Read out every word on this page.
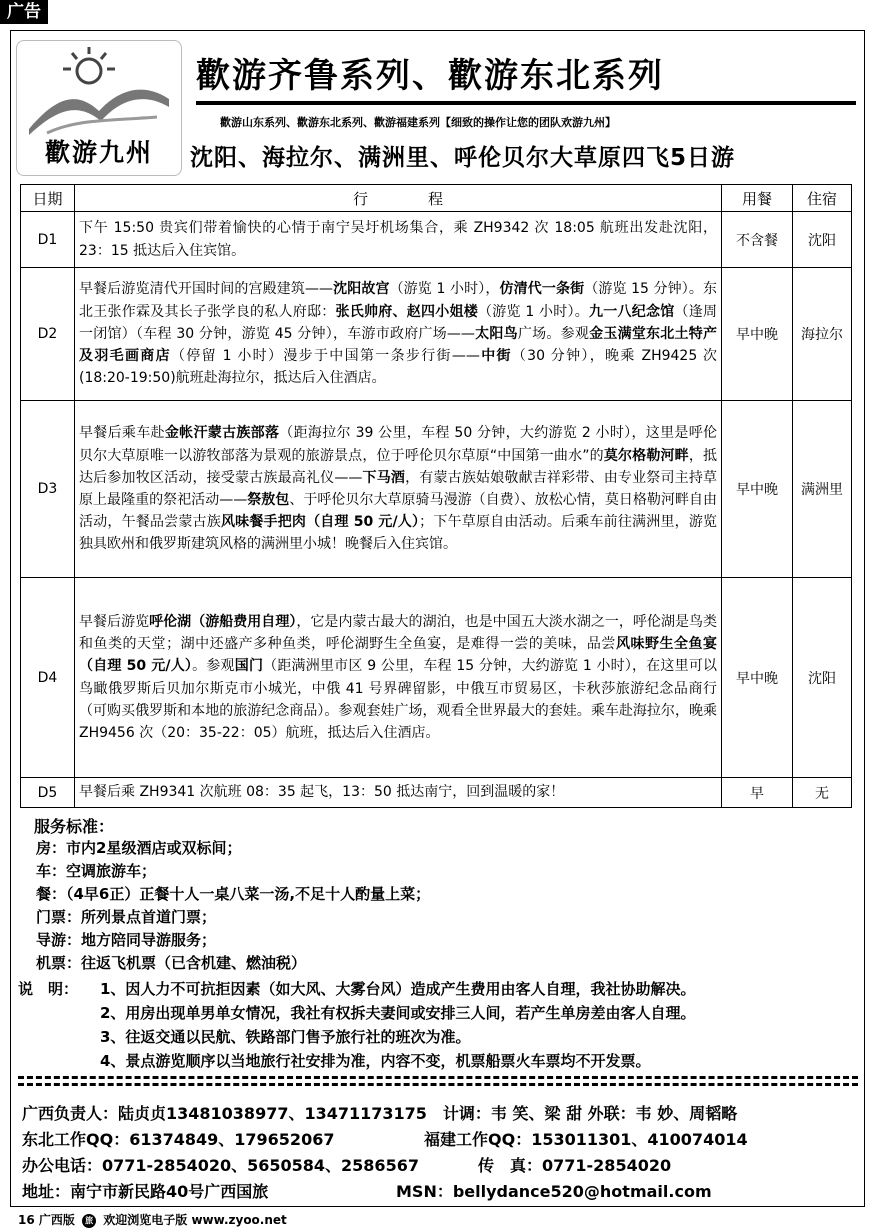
广告
歡游九州
歡游齐鲁系列、歡游东北系列
歡游山东系列、歡游东北系列、歡游福建系列【细致的操作让您的团队欢游九州】
沈阳、海拉尔、满洲里、呼伦贝尔大草原四飞5日游
日期	行　　　　程	用餐	住宿
D1	下午 15:50 贵宾们带着愉快的心情于南宁吴圩机场集合，乘 ZH9342 次 18:05 航班出发赴沈阳，23：15 抵达后入住宾馆。	不含餐	沈阳
D2	早餐后游览清代开国时间的宫殿建筑——沈阳故宫（游览 1 小时），仿清代一条街（游览 15 分钟）。东北王张作霖及其长子张学良的私人府邸：张氏帅府、赵四小姐楼（游览 1 小时）。九一八纪念馆（逢周一闭馆）（车程 30 分钟，游览 45 分钟），车游市政府广场——太阳鸟广场。参观金玉满堂东北土特产及羽毛画商店（停留 1 小时）漫步于中国第一条步行街——中街（30 分钟），晚乘 ZH9425 次(18:20-19:50)航班赴海拉尔，抵达后入住酒店。	早中晚	海拉尔
D3	早餐后乘车赴金帐汗蒙古族部落（距海拉尔 39 公里，车程 50 分钟，大约游览 2 小时），这里是呼伦贝尔大草原唯一以游牧部落为景观的旅游景点，位于呼伦贝尔草原“中国第一曲水”的莫尔格勒河畔，抵达后参加牧区活动，接受蒙古族最高礼仪——下马酒，有蒙古族姑娘敬献吉祥彩带、由专业祭司主持草原上最隆重的祭祀活动——祭敖包、于呼伦贝尔大草原骑马漫游（自费）、放松心情，莫日格勒河畔自由活动，午餐品尝蒙古族风味餐手把肉（自理 50 元/人）；下午草原自由活动。后乘车前往满洲里，游览独具欧州和俄罗斯建筑风格的满洲里小城！晚餐后入住宾馆。	早中晚	满洲里
D4	早餐后游览呼伦湖（游船费用自理），它是内蒙古最大的湖泊，也是中国五大淡水湖之一，呼伦湖是鸟类和鱼类的天堂；湖中还盛产多种鱼类，呼伦湖野生全鱼宴，是难得一尝的美味，品尝风味野生全鱼宴（自理 50 元/人）。参观国门（距满洲里市区 9 公里，车程 15 分钟，大约游览 1 小时），在这里可以鸟瞰俄罗斯后贝加尔斯克市小城光，中俄 41 号界碑留影，中俄互市贸易区，卡秋莎旅游纪念品商行（可购买俄罗斯和本地的旅游纪念商品）。参观套娃广场，观看全世界最大的套娃。乘车赴海拉尔，晚乘 ZH9456 次（20：35-22：05）航班，抵达后入住酒店。	早中晚	沈阳
D5	早餐后乘 ZH9341 次航班 08：35 起飞，13：50 抵达南宁，回到温暖的家！	早	无
服务标准：
房：市内2星级酒店或双标间；
车：空调旅游车；
餐：（4早6正）正餐十人一桌八菜一汤,不足十人酌量上菜；
门票：所列景点首道门票；
导游：地方陪同导游服务；
机票：往返飞机票（已含机建、燃油税）
说　明： 1、因人力不可抗拒因素（如大风、大雾台风）造成产生费用由客人自理，我社协助解决。
2、用房出现单男单女情况，我社有权拆夫妻间或安排三人间，若产生单房差由客人自理。
3、往返交通以民航、铁路部门售予旅行社的班次为准。
4、景点游览顺序以当地旅行社安排为准，内容不变，机票船票火车票均不开发票。
广西负责人：陆贞贞13481038977、13471173175　计调：韦 笑、梁 甜 外联：韦 妙、周韬略
东北工作QQ：61374849、179652067	福建工作QQ：153011301、410074014
办公电话：0771-2854020、5650584、2586567	传　真：0771-2854020
地址：南宁市新民路40号广西国旅	MSN：bellydance520@hotmail.com
16 广西版 旅 欢迎浏览电子版 www.zyoo.net
